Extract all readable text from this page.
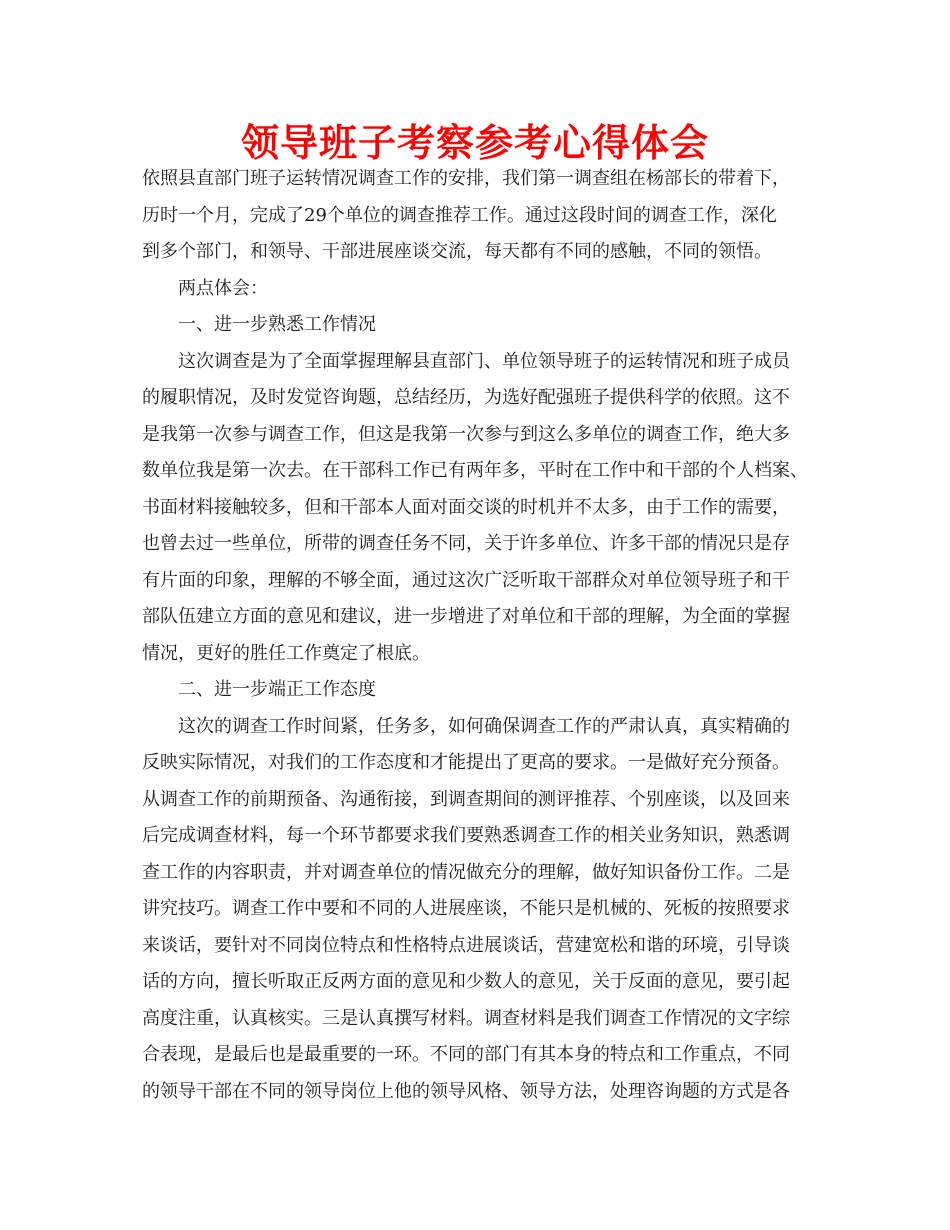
领导班子考察参考心得体会

依照县直部门班子运转情况调查工作的安排，我们第一调查组在杨部长的带着下，

历时一个月，完成了29个单位的调查推荐工作。通过这段时间的调查工作，深化

到多个部门，和领导、干部进展座谈交流，每天都有不同的感触，不同的领悟。

两点体会：

一、进一步熟悉工作情况

这次调查是为了全面掌握理解县直部门、单位领导班子的运转情况和班子成员

的履职情况，及时发觉咨询题，总结经历，为选好配强班子提供科学的依照。这不

是我第一次参与调查工作，但这是我第一次参与到这么多单位的调查工作，绝大多

数单位我是第一次去。在干部科工作已有两年多，平时在工作中和干部的个人档案、

书面材料接触较多，但和干部本人面对面交谈的时机并不太多，由于工作的需要，

也曾去过一些单位，所带的调查任务不同，关于许多单位、许多干部的情况只是存

有片面的印象，理解的不够全面，通过这次广泛听取干部群众对单位领导班子和干

部队伍建立方面的意见和建议，进一步增进了对单位和干部的理解，为全面的掌握

情况，更好的胜任工作奠定了根底。

二、进一步端正工作态度

这次的调查工作时间紧，任务多，如何确保调查工作的严肃认真，真实精确的

反映实际情况，对我们的工作态度和才能提出了更高的要求。一是做好充分预备。

从调查工作的前期预备、沟通衔接，到调查期间的测评推荐、个别座谈，以及回来

后完成调查材料，每一个环节都要求我们要熟悉调查工作的相关业务知识，熟悉调

查工作的内容职责，并对调查单位的情况做充分的理解，做好知识备份工作。二是

讲究技巧。调查工作中要和不同的人进展座谈，不能只是机械的、死板的按照要求

来谈话，要针对不同岗位特点和性格特点进展谈话，营建宽松和谐的环境，引导谈

话的方向，擅长听取正反两方面的意见和少数人的意见，关于反面的意见，要引起

高度注重，认真核实。三是认真撰写材料。调查材料是我们调查工作情况的文字综

合表现，是最后也是最重要的一环。不同的部门有其本身的特点和工作重点，不同

的领导干部在不同的领导岗位上他的领导风格、领导方法，处理咨询题的方式是各
